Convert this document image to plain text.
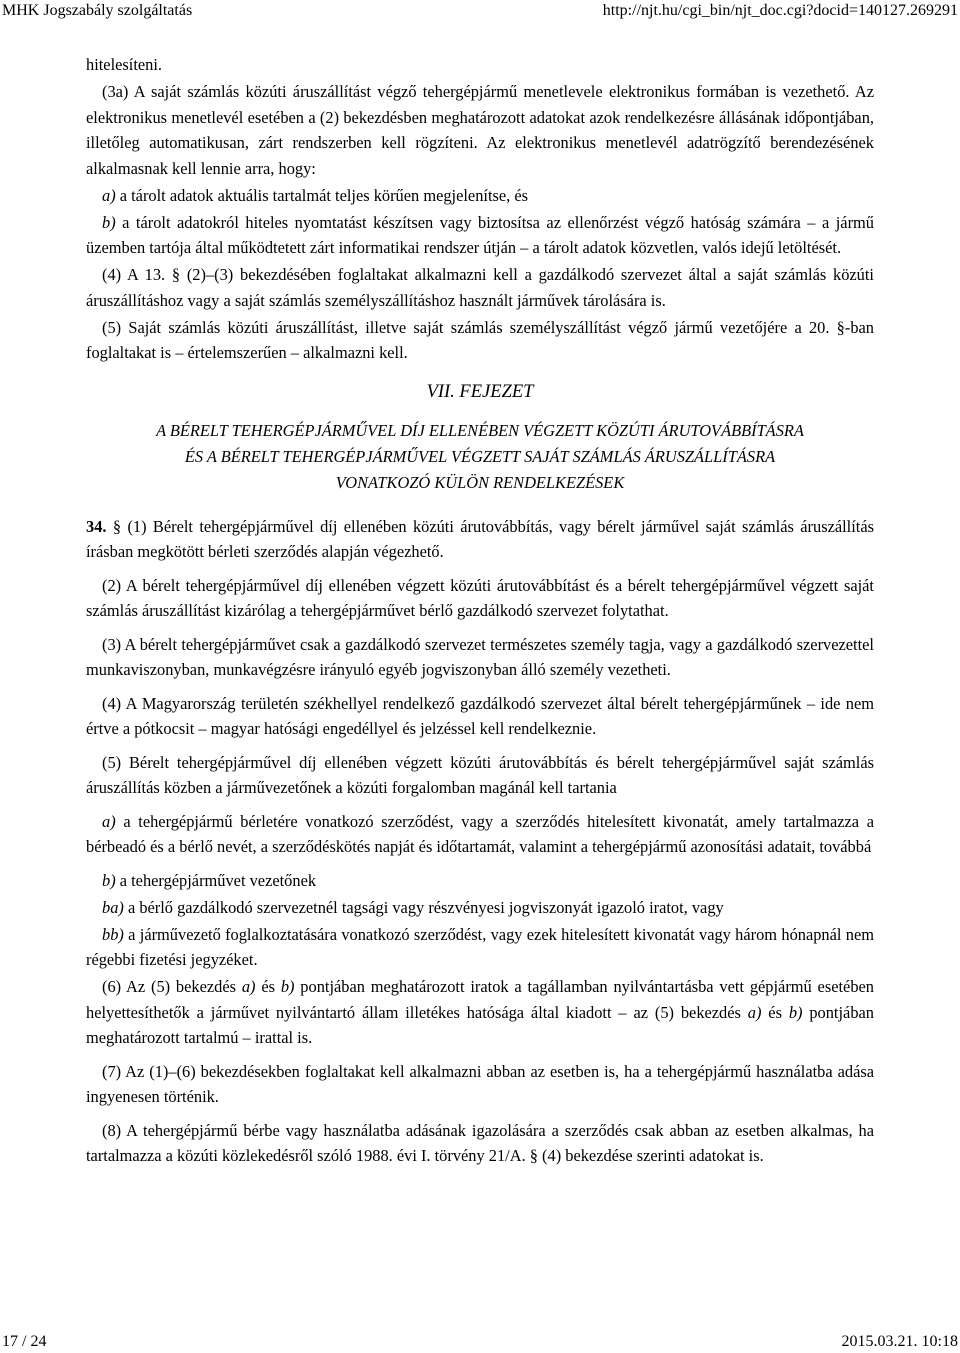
MHK Jogszabály szolgáltatás	http://njt.hu/cgi_bin/njt_doc.cgi?docid=140127.269291

hitelesíteni.

(3a) A saját számlás közúti áruszállítást végző tehergépjármű menetlevele elektronikus formában is vezethető. Az elektronikus menetlevél esetében a (2) bekezdésben meghatározott adatokat azok rendelkezésre állásának időpontjában, illetőleg automatikusan, zárt rendszerben kell rögzíteni. Az elektronikus menetlevél adatrögzítő berendezésének alkalmasnak kell lennie arra, hogy:

a) a tárolt adatok aktuális tartalmát teljes körűen megjelenítse, és

b) a tárolt adatokról hiteles nyomtatást készítsen vagy biztosítsa az ellenőrzést végző hatóság számára – a jármű üzemben tartója által működtetett zárt informatikai rendszer útján – a tárolt adatok közvetlen, valós idejű letöltését.

(4) A 13. § (2)–(3) bekezdésében foglaltakat alkalmazni kell a gazdálkodó szervezet által a saját számlás közúti áruszállításhoz vagy a saját számlás személyszállításhoz használt járművek tárolására is.

(5) Saját számlás közúti áruszállítást, illetve saját számlás személyszállítást végző jármű vezetőjére a 20. §-ban foglaltakat is – értelemszerűen – alkalmazni kell.

VII. FEJEZET

A BÉRELT TEHERGÉPJÁRMŰVEL DÍJ ELLENÉBEN VÉGZETT KÖZÚTI ÁRUTOVÁBBÍTÁSRA
ÉS A BÉRELT TEHERGÉPJÁRMŰVEL VÉGZETT SAJÁT SZÁMLÁS ÁRUSZÁLLÍTÁSRA
VONATKOZÓ KÜLÖN RENDELKEZÉSEK

34. § (1) Bérelt tehergépjárművel díj ellenében közúti árutovábbítás, vagy bérelt járművel saját számlás áruszállítás írásban megkötött bérleti szerződés alapján végezhető.

(2) A bérelt tehergépjárművel díj ellenében végzett közúti árutovábbítást és a bérelt tehergépjárművel végzett saját számlás áruszállítást kizárólag a tehergépjárművet bérlő gazdálkodó szervezet folytathat.

(3) A bérelt tehergépjárművet csak a gazdálkodó szervezet természetes személy tagja, vagy a gazdálkodó szervezettel munkaviszonyban, munkavégzésre irányuló egyéb jogviszonyban álló személy vezetheti.

(4) A Magyarország területén székhellyel rendelkező gazdálkodó szervezet által bérelt tehergépjárműnek – ide nem értve a pótkocsit – magyar hatósági engedéllyel és jelzéssel kell rendelkeznie.

(5) Bérelt tehergépjárművel díj ellenében végzett közúti árutovábbítás és bérelt tehergépjárművel saját számlás áruszállítás közben a járművezetőnek a közúti forgalomban magánál kell tartania

a) a tehergépjármű bérletére vonatkozó szerződést, vagy a szerződés hitelesített kivonatát, amely tartalmazza a bérbeadó és a bérlő nevét, a szerződéskötés napját és időtartamát, valamint a tehergépjármű azonosítási adatait, továbbá

b) a tehergépjárművet vezetőnek

ba) a bérlő gazdálkodó szervezetnél tagsági vagy részvényesi jogviszonyát igazoló iratot, vagy

bb) a járművezető foglalkoztatására vonatkozó szerződést, vagy ezek hitelesített kivonatát vagy három hónapnál nem régebbi fizetési jegyzéket.

(6) Az (5) bekezdés a) és b) pontjában meghatározott iratok a tagállamban nyilvántartásba vett gépjármű esetében helyettesíthetők a járművet nyilvántartó állam illetékes hatósága által kiadott – az (5) bekezdés a) és b) pontjában meghatározott tartalmú – irattal is.

(7) Az (1)–(6) bekezdésekben foglaltakat kell alkalmazni abban az esetben is, ha a tehergépjármű használatba adása ingyenesen történik.

(8) A tehergépjármű bérbe vagy használatba adásának igazolására a szerződés csak abban az esetben alkalmas, ha tartalmazza a közúti közlekedésről szóló 1988. évi I. törvény 21/A. § (4) bekezdése szerinti adatokat is.

17 / 24	2015.03.21. 10:18
